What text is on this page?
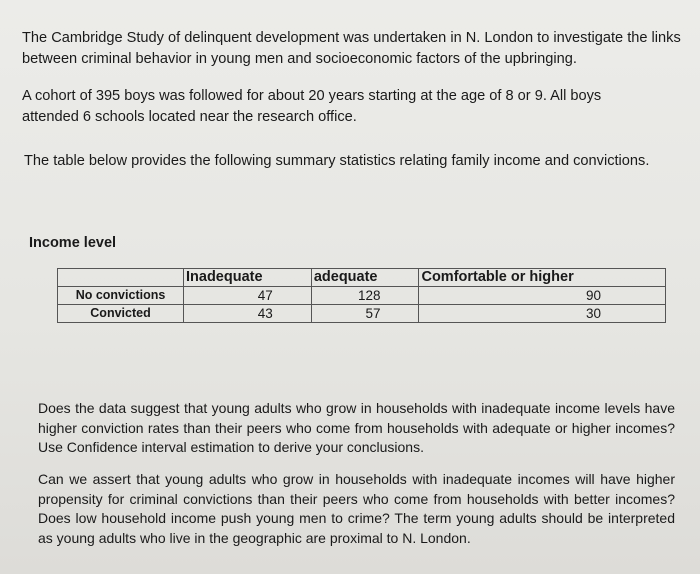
The Cambridge Study of delinquent development was undertaken in N. London to investigate the links between criminal behavior in young men and socioeconomic factors of the upbringing.

A cohort of 395 boys was followed for about 20 years starting at the age of 8 or 9. All boys attended 6 schools located near the research office.

The table below provides the following summary statistics relating family income and convictions.

Income level
	Inadequate	adequate	Comfortable or higher
No convictions	47	128	90
Convicted	43	57	30

Does the data suggest that young adults who grow in households with inadequate income levels have higher conviction rates than their peers who come from households with adequate or higher incomes? Use Confidence interval estimation to derive your conclusions.

Can we assert that young adults who grow in households with inadequate incomes will have higher propensity for criminal convictions than their peers who come from households with better incomes? Does low household income push young men to crime? The term young adults should be interpreted as young adults who live in the geographic are proximal to N. London.
